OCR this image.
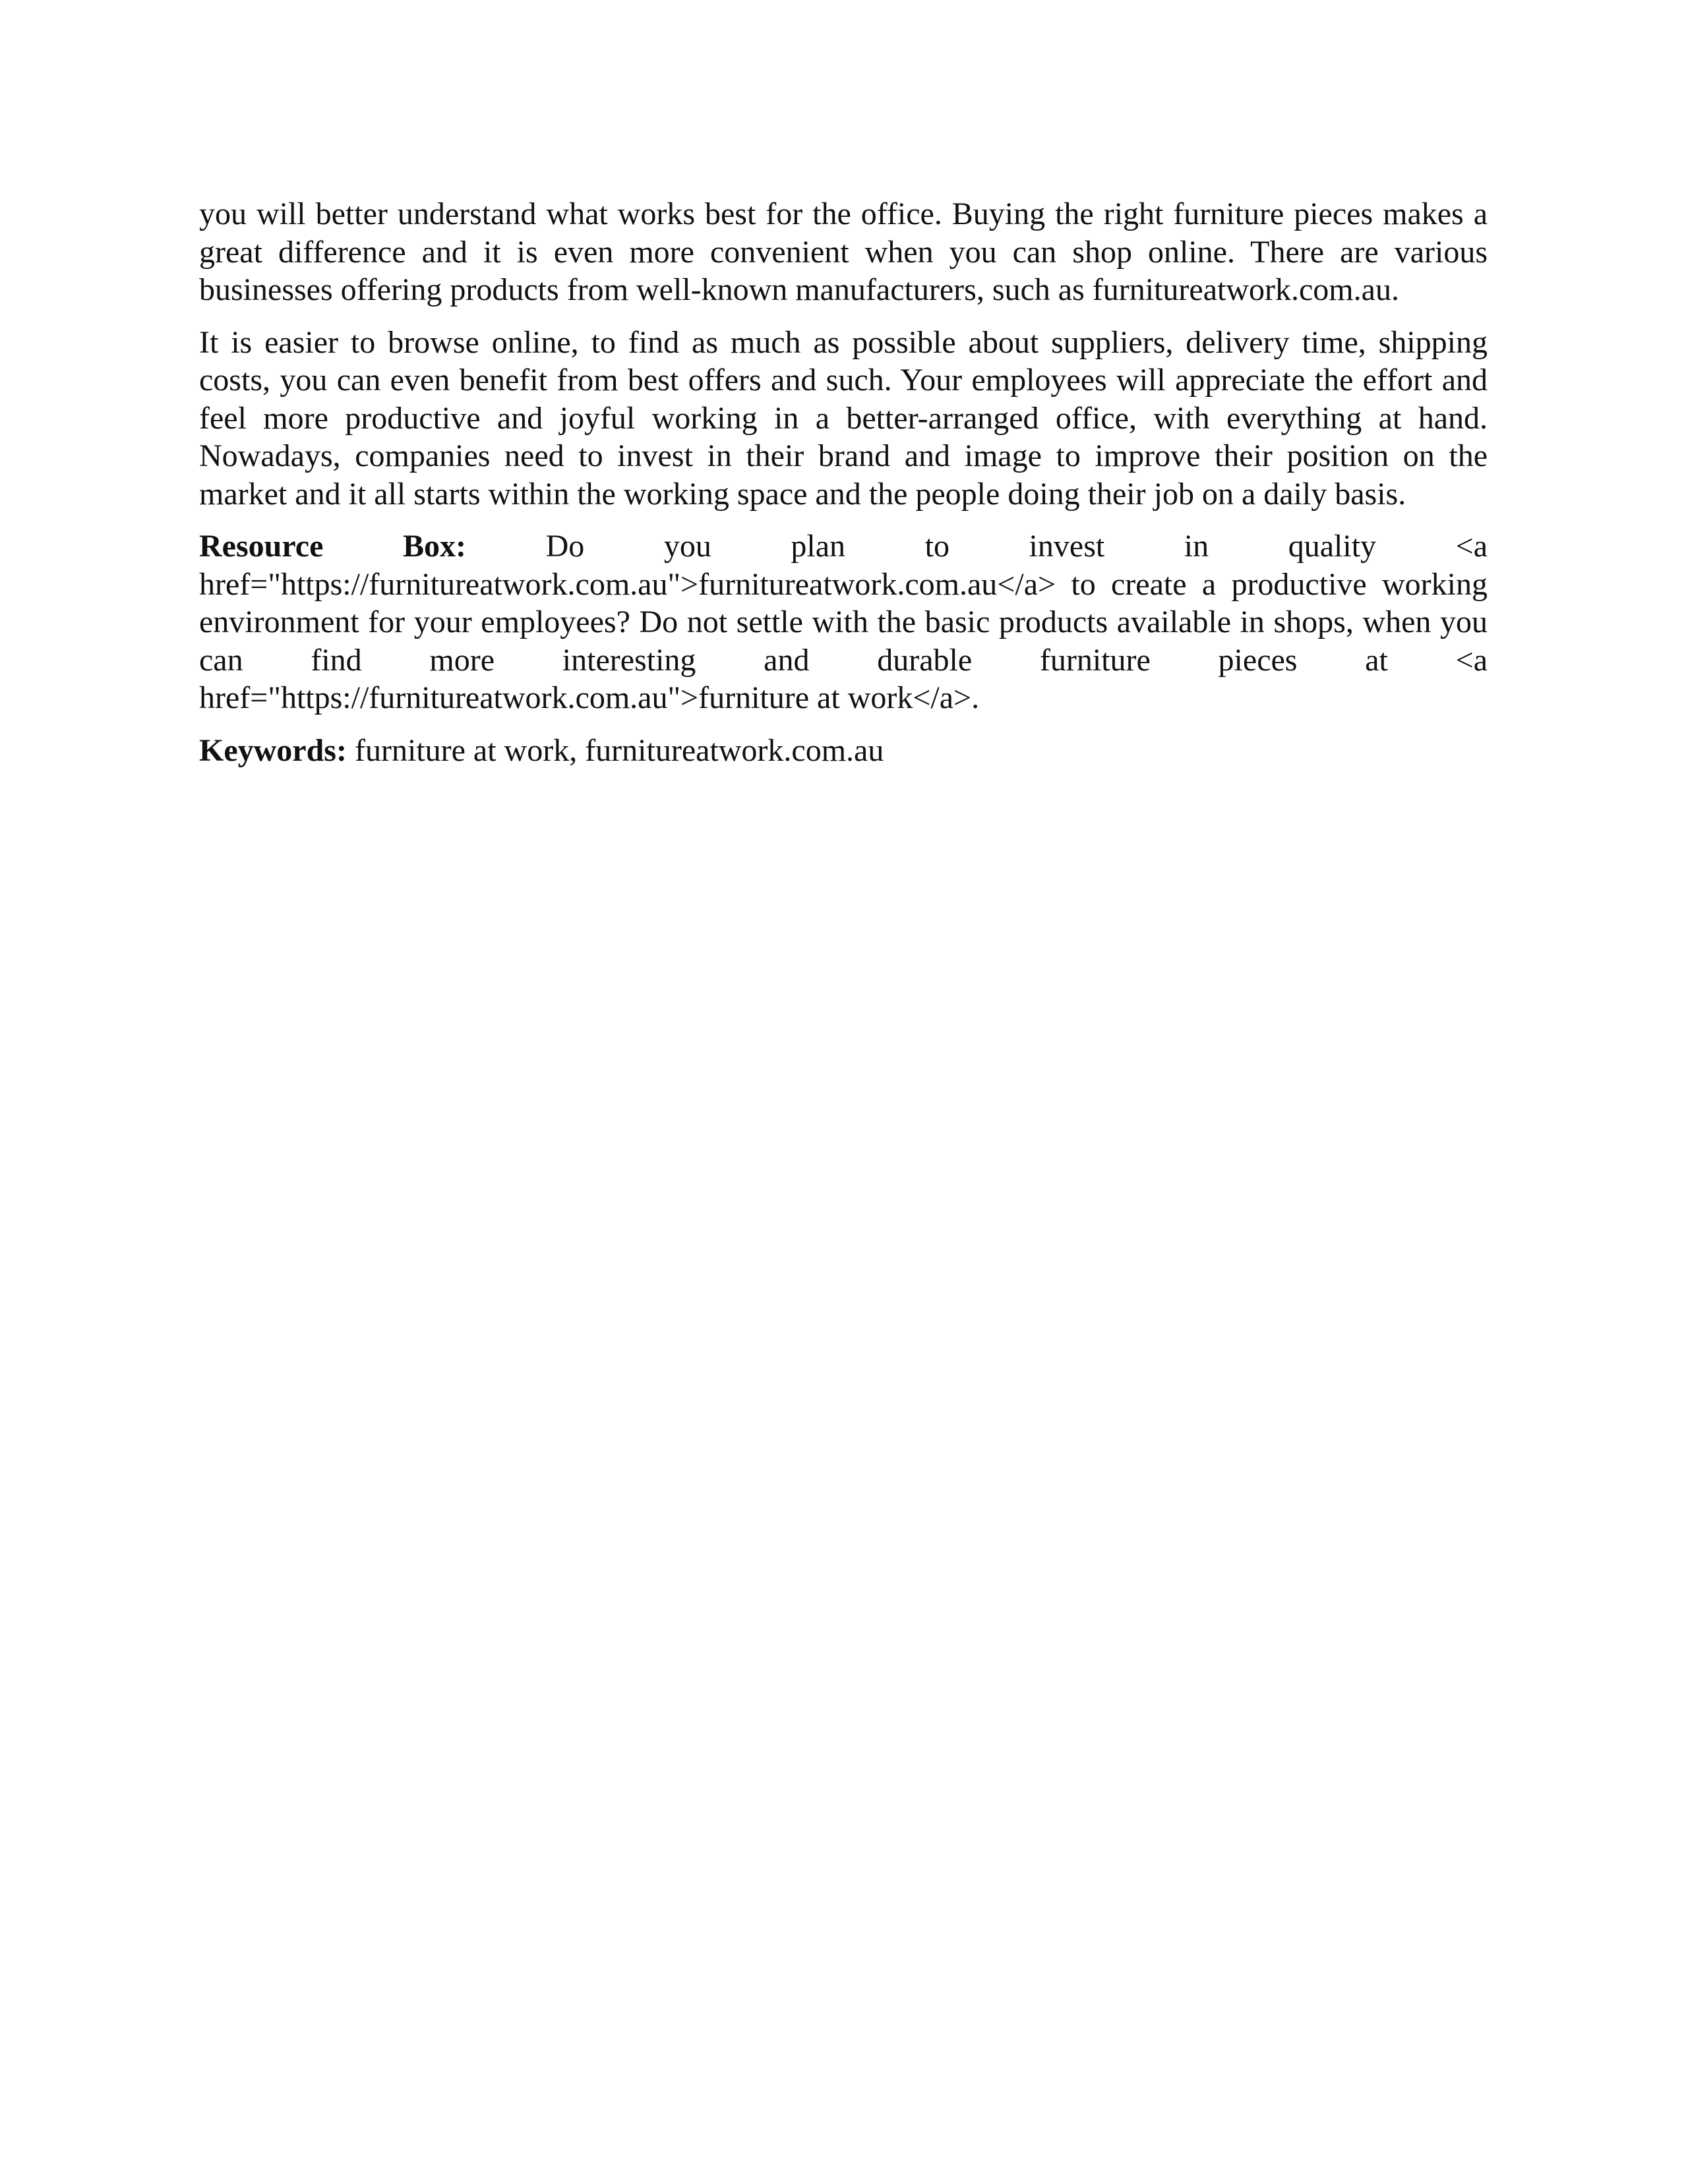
you will better understand what works best for the office. Buying the right furniture pieces makes a great difference and it is even more convenient when you can shop online. There are various businesses offering products from well-known manufacturers, such as furnitureatwork.com.au.

It is easier to browse online, to find as much as possible about suppliers, delivery time, shipping costs, you can even benefit from best offers and such. Your employees will appreciate the effort and feel more productive and joyful working in a better-arranged office, with everything at hand. Nowadays, companies need to invest in their brand and image to improve their position on the market and it all starts within the working space and the people doing their job on a daily basis.

Resource Box: Do you plan to invest in quality <a href="https://furnitureatwork.com.au">furnitureatwork.com.au</a> to create a productive working environment for your employees? Do not settle with the basic products available in shops, when you can find more interesting and durable furniture pieces at <a href="https://furnitureatwork.com.au">furniture at work</a>.

Keywords: furniture at work, furnitureatwork.com.au
